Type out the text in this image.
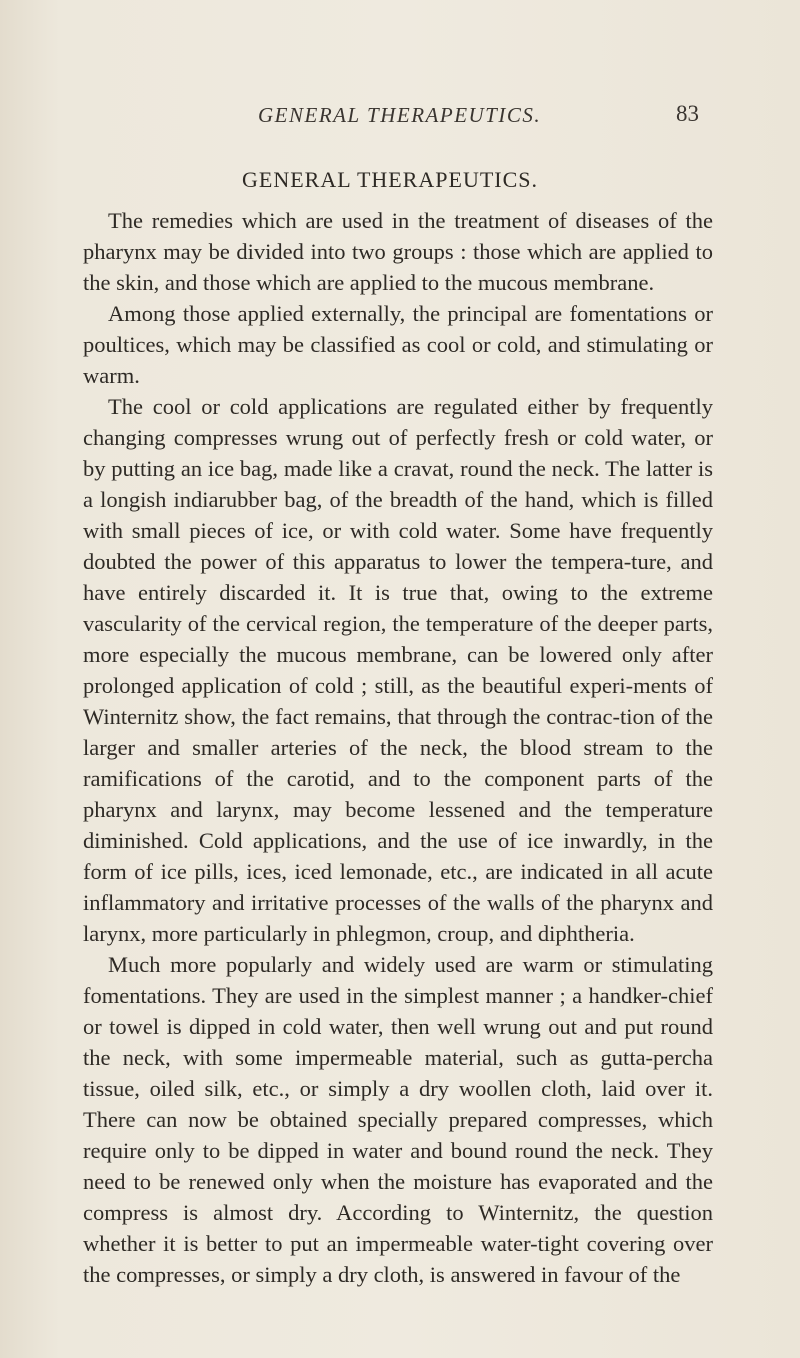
GENERAL THERAPEUTICS.	83
GENERAL THERAPEUTICS.

The remedies which are used in the treatment of diseases of the pharynx may be divided into two groups : those which are applied to the skin, and those which are applied to the mucous membrane.

Among those applied externally, the principal are fomentations or poultices, which may be classified as cool or cold, and stimulating or warm.

The cool or cold applications are regulated either by frequently changing compresses wrung out of perfectly fresh or cold water, or by putting an ice bag, made like a cravat, round the neck. The latter is a longish indiarubber bag, of the breadth of the hand, which is filled with small pieces of ice, or with cold water. Some have frequently doubted the power of this apparatus to lower the tempera-ture, and have entirely discarded it. It is true that, owing to the extreme vascularity of the cervical region, the temperature of the deeper parts, more especially the mucous membrane, can be lowered only after prolonged application of cold ; still, as the beautiful experi-ments of Winternitz show, the fact remains, that through the contrac-tion of the larger and smaller arteries of the neck, the blood stream to the ramifications of the carotid, and to the component parts of the pharynx and larynx, may become lessened and the temperature diminished. Cold applications, and the use of ice inwardly, in the form of ice pills, ices, iced lemonade, etc., are indicated in all acute inflammatory and irritative processes of the walls of the pharynx and larynx, more particularly in phlegmon, croup, and diphtheria.

Much more popularly and widely used are warm or stimulating fomentations. They are used in the simplest manner ; a handker-chief or towel is dipped in cold water, then well wrung out and put round the neck, with some impermeable material, such as gutta-percha tissue, oiled silk, etc., or simply a dry woollen cloth, laid over it. There can now be obtained specially prepared compresses, which require only to be dipped in water and bound round the neck. They need to be renewed only when the moisture has evaporated and the compress is almost dry. According to Winternitz, the question whether it is better to put an impermeable water-tight covering over the compresses, or simply a dry cloth, is answered in favour of the
